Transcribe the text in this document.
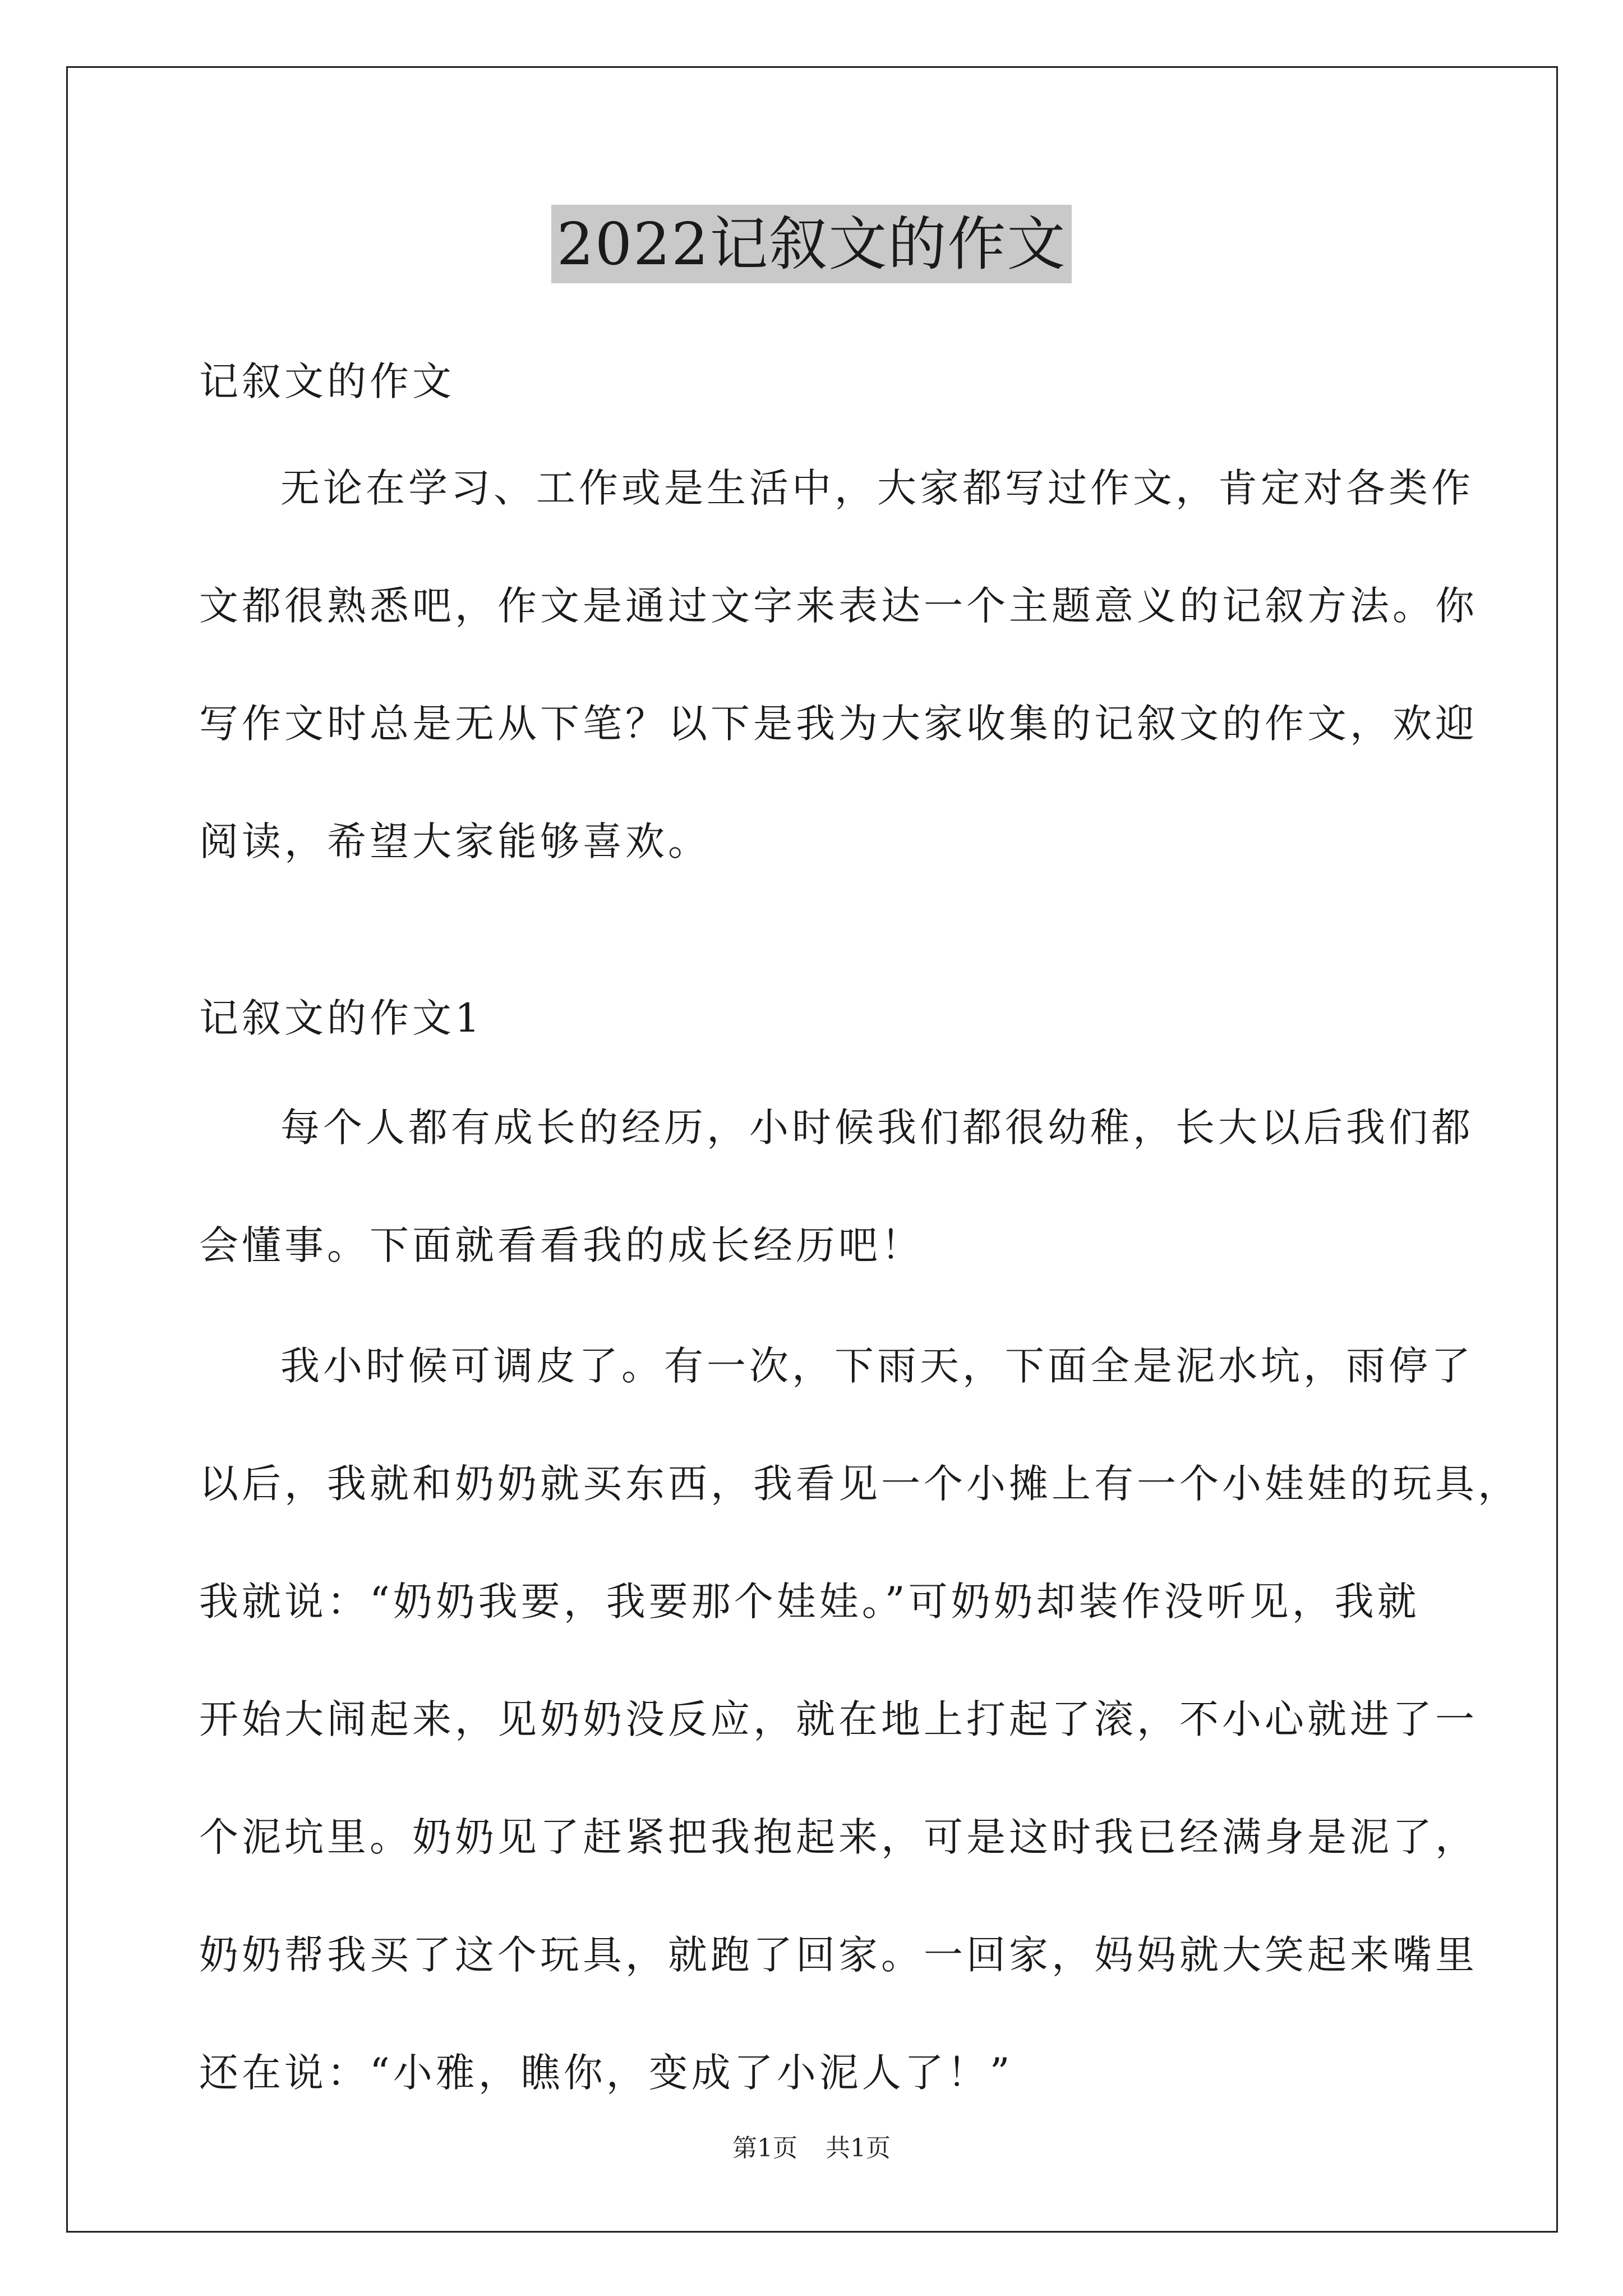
2022记叙文的作文
记叙文的作文
无论在学习、工作或是生活中，大家都写过作文，肯定对各类作
文都很熟悉吧，作文是通过文字来表达一个主题意义的记叙方法。你
写作文时总是无从下笔？以下是我为大家收集的记叙文的作文，欢迎
阅读，希望大家能够喜欢。
记叙文的作文1
每个人都有成长的经历，小时候我们都很幼稚，长大以后我们都
会懂事。下面就看看我的成长经历吧！
我小时候可调皮了。有一次，下雨天，下面全是泥水坑，雨停了
以后，我就和奶奶就买东西，我看见一个小摊上有一个小娃娃的玩具，
我就说：“奶奶我要，我要那个娃娃。”可奶奶却装作没听见，我就
开始大闹起来，见奶奶没反应，就在地上打起了滚，不小心就进了一
个泥坑里。奶奶见了赶紧把我抱起来，可是这时我已经满身是泥了，
奶奶帮我买了这个玩具，就跑了回家。一回家，妈妈就大笑起来嘴里
还在说：“小雅，瞧你，变成了小泥人了！”
第1页 共1页
